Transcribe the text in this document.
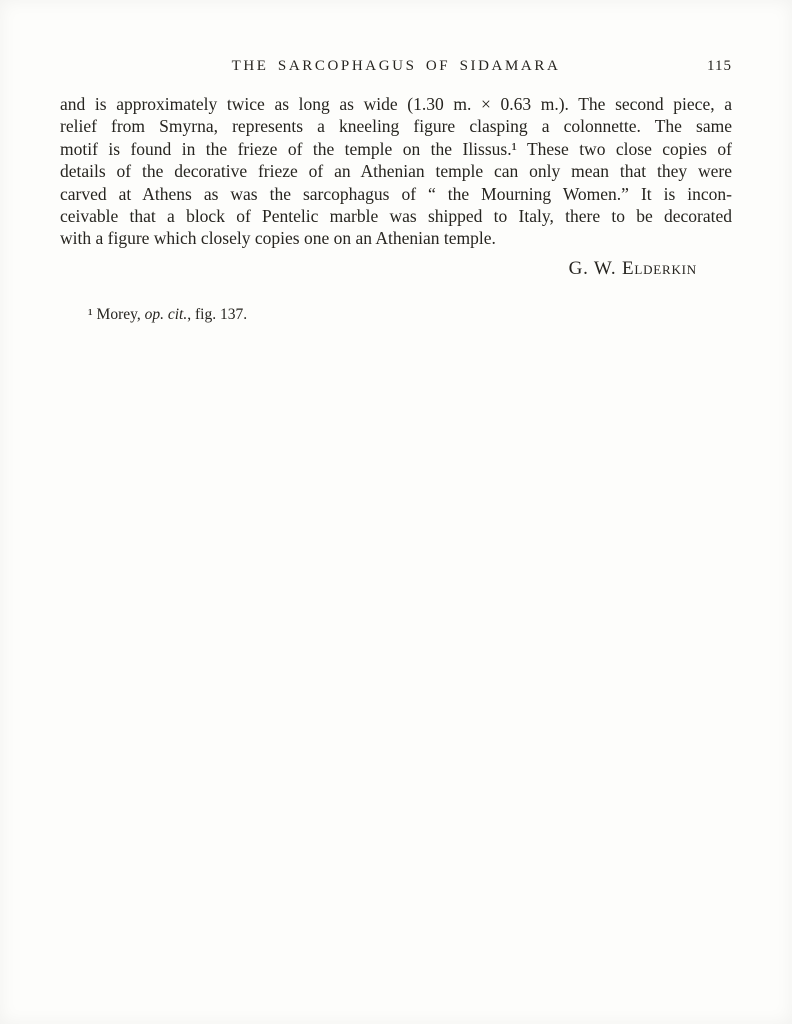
THE SARCOPHAGUS OF SIDAMARA	115
and is approximately twice as long as wide (1.30 m. × 0.63 m.). The second piece, a
relief from Smyrna, represents a kneeling figure clasping a colonnette. The same
motif is found in the frieze of the temple on the Ilissus.¹ These two close copies of
details of the decorative frieze of an Athenian temple can only mean that they were
carved at Athens as was the sarcophagus of “ the Mourning Women.” It is incon-
ceivable that a block of Pentelic marble was shipped to Italy, there to be decorated
with a figure which closely copies one on an Athenian temple.
G. W. Elderkin
¹ Morey, op. cit., fig. 137.
